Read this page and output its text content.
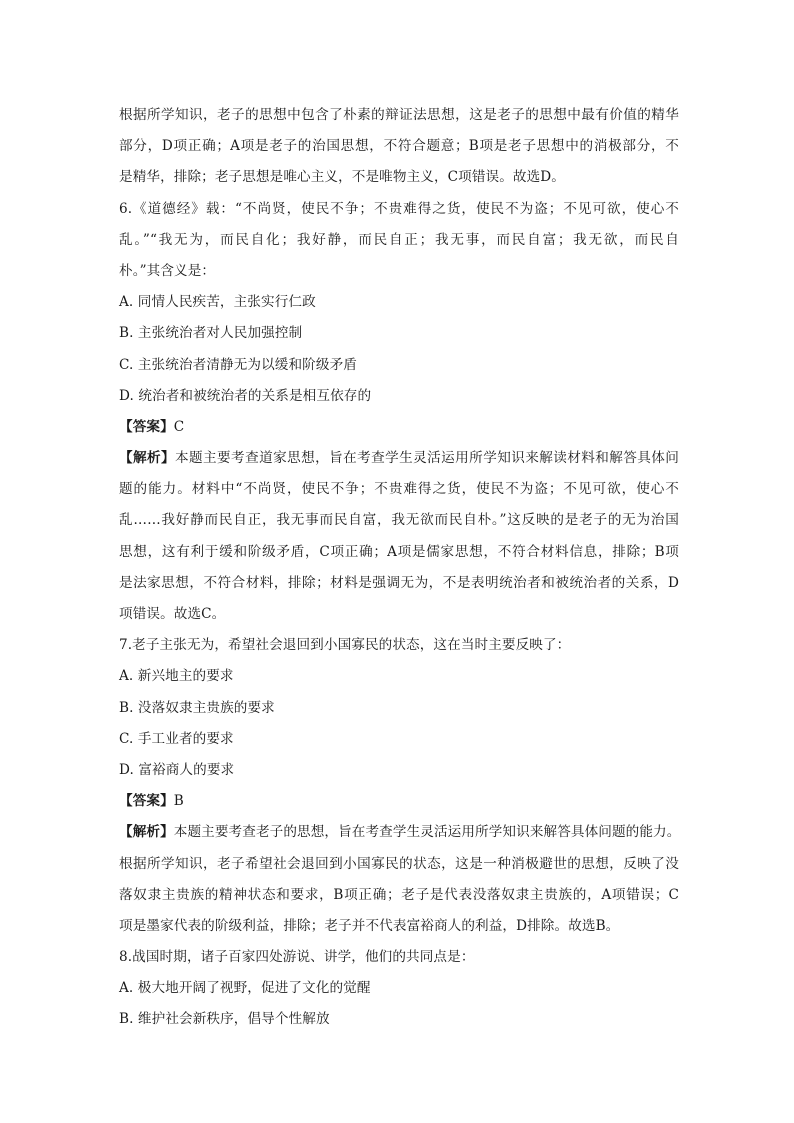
根据所学知识，老子的思想中包含了朴素的辩证法思想，这是老子的思想中最有价值的精华
部分，D项正确；A项是老子的治国思想，不符合题意；B项是老子思想中的消极部分，不
是精华，排除；老子思想是唯心主义，不是唯物主义，C项错误。故选D。
6.《道德经》载：“不尚贤，使民不争；不贵难得之货，使民不为盗；不见可欲，使心不
乱。”“我无为，而民自化；我好静，而民自正；我无事，而民自富；我无欲，而民自
朴。”其含义是：
A. 同情人民疾苦，主张实行仁政
B. 主张统治者对人民加强控制
C. 主张统治者清静无为以缓和阶级矛盾
D. 统治者和被统治者的关系是相互依存的
【答案】C
【解析】本题主要考查道家思想，旨在考查学生灵活运用所学知识来解读材料和解答具体问
题的能力。材料中“不尚贤，使民不争；不贵难得之货，使民不为盗；不见可欲，使心不
乱……我好静而民自正，我无事而民自富，我无欲而民自朴。”这反映的是老子的无为治国
思想，这有利于缓和阶级矛盾，C项正确；A项是儒家思想，不符合材料信息，排除；B项
是法家思想，不符合材料，排除；材料是强调无为，不是表明统治者和被统治者的关系，D
项错误。故选C。
7.老子主张无为，希望社会退回到小国寡民的状态，这在当时主要反映了：
A. 新兴地主的要求
B. 没落奴隶主贵族的要求
C. 手工业者的要求
D. 富裕商人的要求
【答案】B
【解析】本题主要考查老子的思想，旨在考查学生灵活运用所学知识来解答具体问题的能力。
根据所学知识，老子希望社会退回到小国寡民的状态，这是一种消极避世的思想，反映了没
落奴隶主贵族的精神状态和要求，B项正确；老子是代表没落奴隶主贵族的，A项错误；C
项是墨家代表的阶级利益，排除；老子并不代表富裕商人的利益，D排除。故选B。
8.战国时期，诸子百家四处游说、讲学，他们的共同点是：
A. 极大地开阔了视野，促进了文化的觉醒
B. 维护社会新秩序，倡导个性解放
